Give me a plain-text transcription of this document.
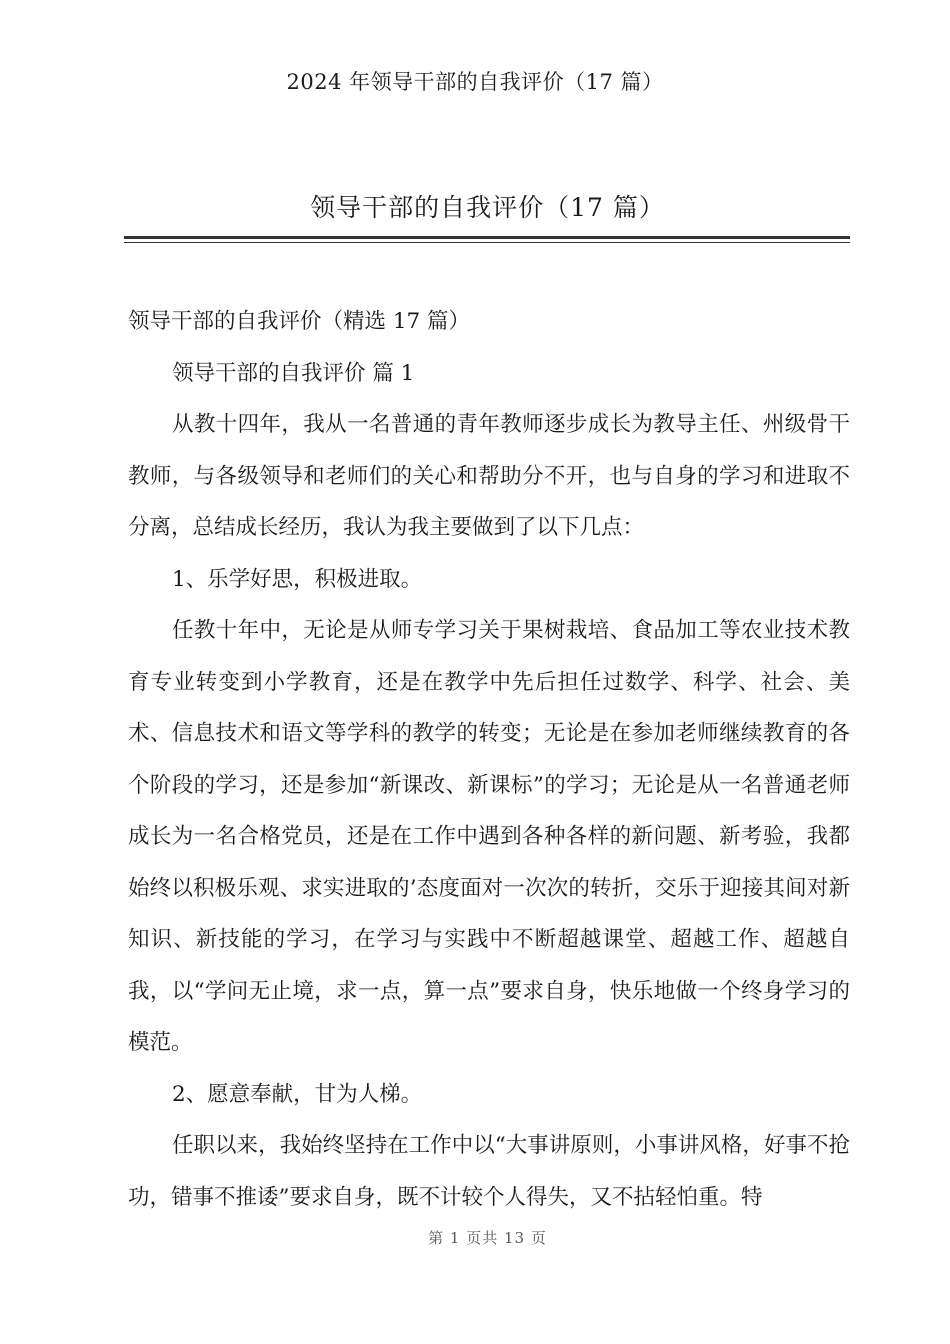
2024 年领导干部的自我评价（17 篇）
领导干部的自我评价（17 篇）

领导干部的自我评价（精选 17 篇）

领导干部的自我评价 篇 1

从教十四年，我从一名普通的青年教师逐步成长为教导主任、州级骨干教师，与各级领导和老师们的关心和帮助分不开，也与自身的学习和进取不分离，总结成长经历，我认为我主要做到了以下几点：

1、乐学好思，积极进取。

任教十年中，无论是从师专学习关于果树栽培、食品加工等农业技术教育专业转变到小学教育，还是在教学中先后担任过数学、科学、社会、美术、信息技术和语文等学科的教学的转变；无论是在参加老师继续教育的各个阶段的学习，还是参加“新课改、新课标”的学习；无论是从一名普通老师成长为一名合格党员，还是在工作中遇到各种各样的新问题、新考验，我都始终以积极乐观、求实进取的’态度面对一次次的转折，交乐于迎接其间对新知识、新技能的学习，在学习与实践中不断超越课堂、超越工作、超越自我，以“学问无止境，求一点，算一点”要求自身，快乐地做一个终身学习的模范。

2、愿意奉献，甘为人梯。

任职以来，我始终坚持在工作中以“大事讲原则，小事讲风格，好事不抢功，错事不推诿”要求自身，既不计较个人得失，又不拈轻怕重。特

第 1 页共 13 页
